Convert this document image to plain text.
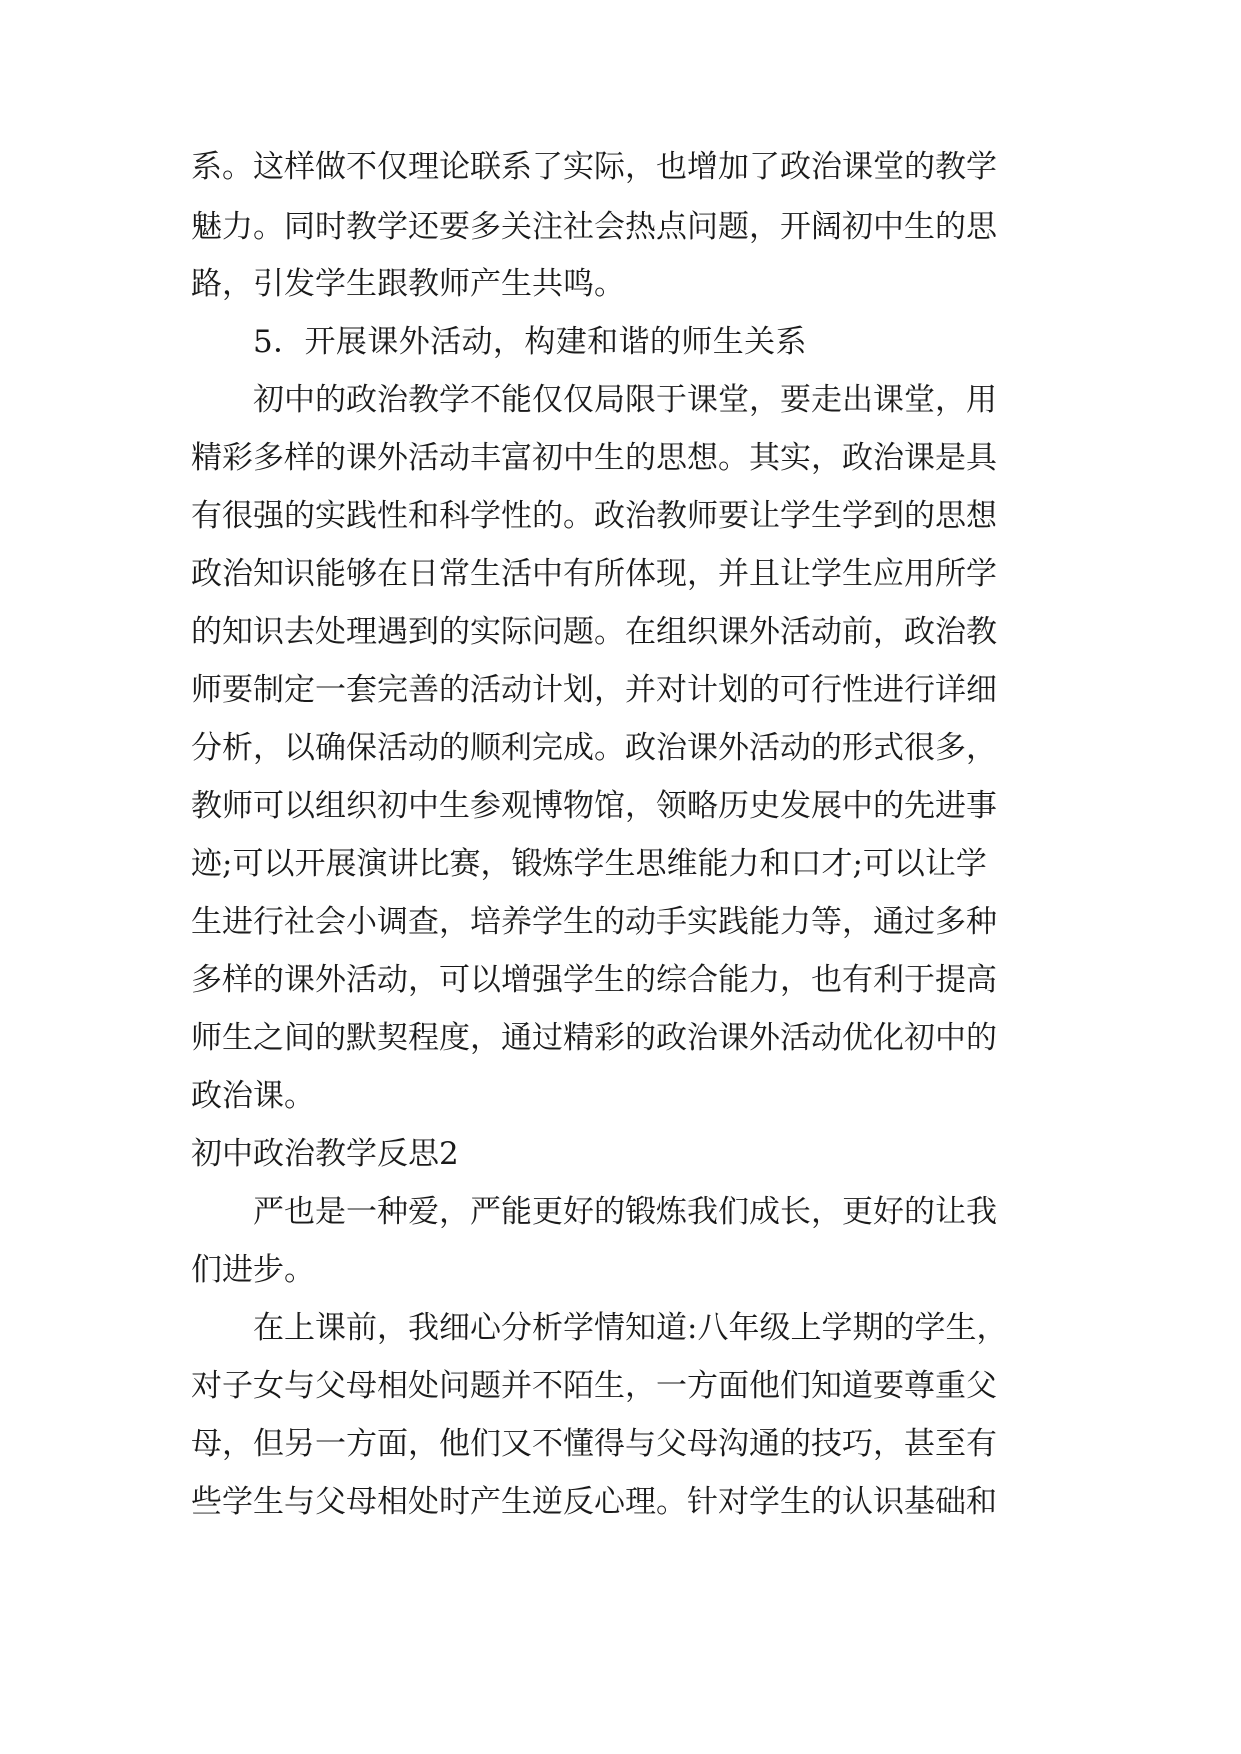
系。这样做不仅理论联系了实际，也增加了政治课堂的教学
魅力。同时教学还要多关注社会热点问题，开阔初中生的思
路，引发学生跟教师产生共鸣。
5．开展课外活动，构建和谐的师生关系
初中的政治教学不能仅仅局限于课堂，要走出课堂，用
精彩多样的课外活动丰富初中生的思想。其实，政治课是具
有很强的实践性和科学性的。政治教师要让学生学到的思想
政治知识能够在日常生活中有所体现，并且让学生应用所学
的知识去处理遇到的实际问题。在组织课外活动前，政治教
师要制定一套完善的活动计划，并对计划的可行性进行详细
分析，以确保活动的顺利完成。政治课外活动的形式很多，
教师可以组织初中生参观博物馆，领略历史发展中的先进事
迹;可以开展演讲比赛，锻炼学生思维能力和口才;可以让学
生进行社会小调查，培养学生的动手实践能力等，通过多种
多样的课外活动，可以增强学生的综合能力，也有利于提高
师生之间的默契程度，通过精彩的政治课外活动优化初中的
政治课。
初中政治教学反思2
严也是一种爱，严能更好的锻炼我们成长，更好的让我
们进步。
在上课前，我细心分析学情知道:八年级上学期的学生，
对子女与父母相处问题并不陌生，一方面他们知道要尊重父
母，但另一方面，他们又不懂得与父母沟通的技巧，甚至有
些学生与父母相处时产生逆反心理。针对学生的认识基础和
